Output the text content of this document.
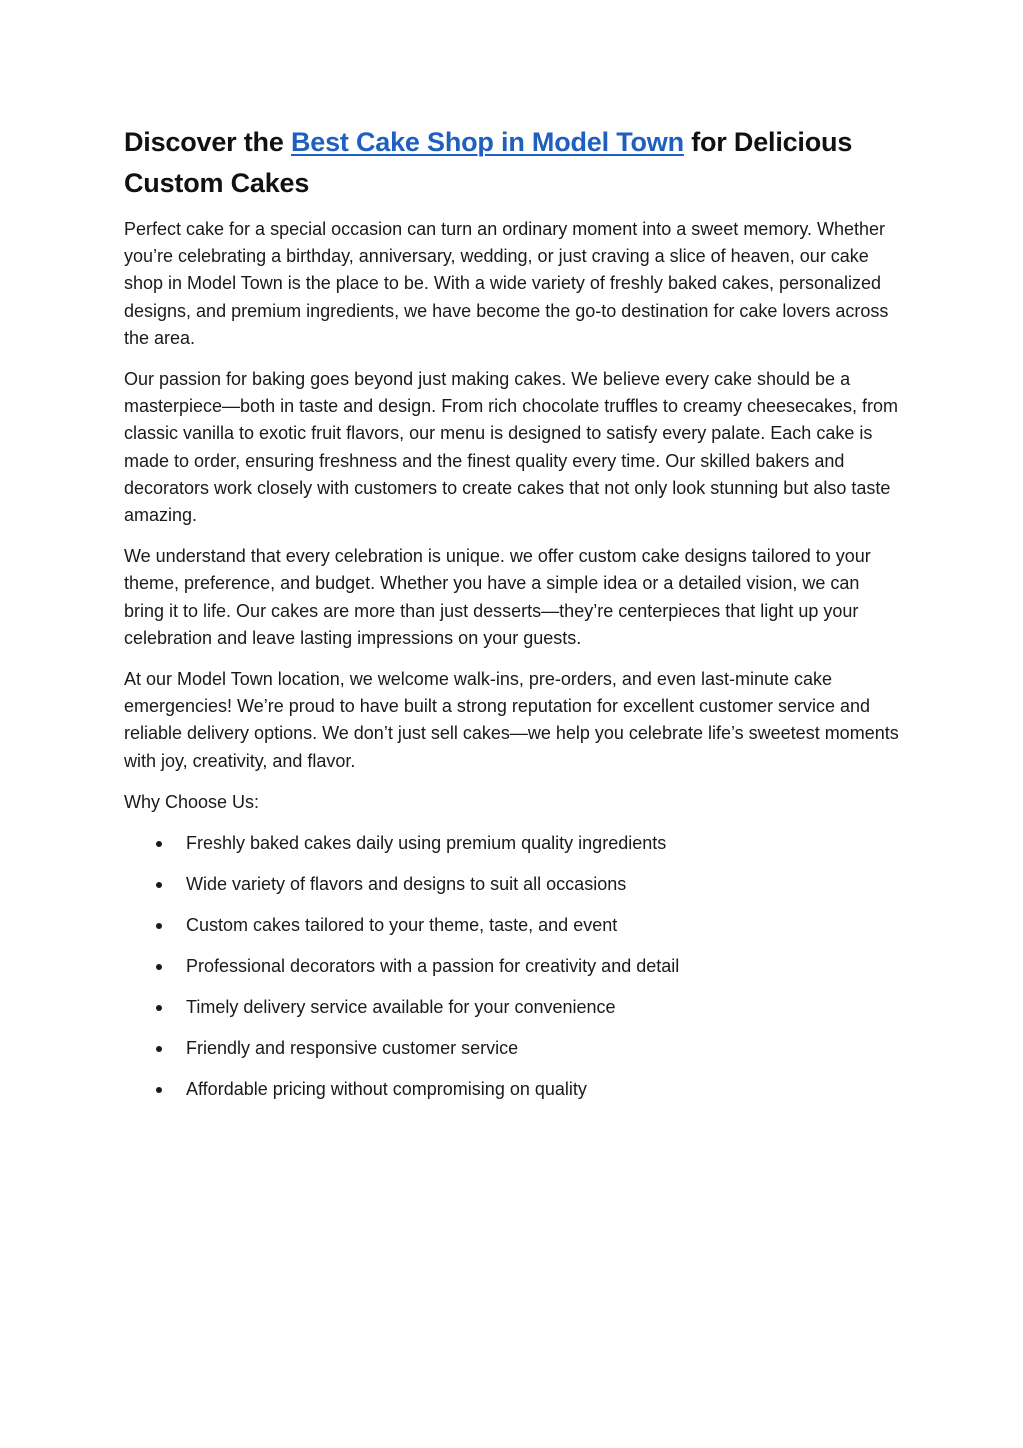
Discover the Best Cake Shop in Model Town for Delicious Custom Cakes

Perfect cake for a special occasion can turn an ordinary moment into a sweet memory. Whether you’re celebrating a birthday, anniversary, wedding, or just craving a slice of heaven, our cake shop in Model Town is the place to be. With a wide variety of freshly baked cakes, personalized designs, and premium ingredients, we have become the go-to destination for cake lovers across the area.

Our passion for baking goes beyond just making cakes. We believe every cake should be a masterpiece—both in taste and design. From rich chocolate truffles to creamy cheesecakes, from classic vanilla to exotic fruit flavors, our menu is designed to satisfy every palate. Each cake is made to order, ensuring freshness and the finest quality every time. Our skilled bakers and decorators work closely with customers to create cakes that not only look stunning but also taste amazing.

We understand that every celebration is unique. we offer custom cake designs tailored to your theme, preference, and budget. Whether you have a simple idea or a detailed vision, we can bring it to life. Our cakes are more than just desserts—they’re centerpieces that light up your celebration and leave lasting impressions on your guests.

At our Model Town location, we welcome walk-ins, pre-orders, and even last-minute cake emergencies! We’re proud to have built a strong reputation for excellent customer service and reliable delivery options. We don’t just sell cakes—we help you celebrate life’s sweetest moments with joy, creativity, and flavor.

Why Choose Us:

Freshly baked cakes daily using premium quality ingredients
Wide variety of flavors and designs to suit all occasions
Custom cakes tailored to your theme, taste, and event
Professional decorators with a passion for creativity and detail
Timely delivery service available for your convenience
Friendly and responsive customer service
Affordable pricing without compromising on quality
